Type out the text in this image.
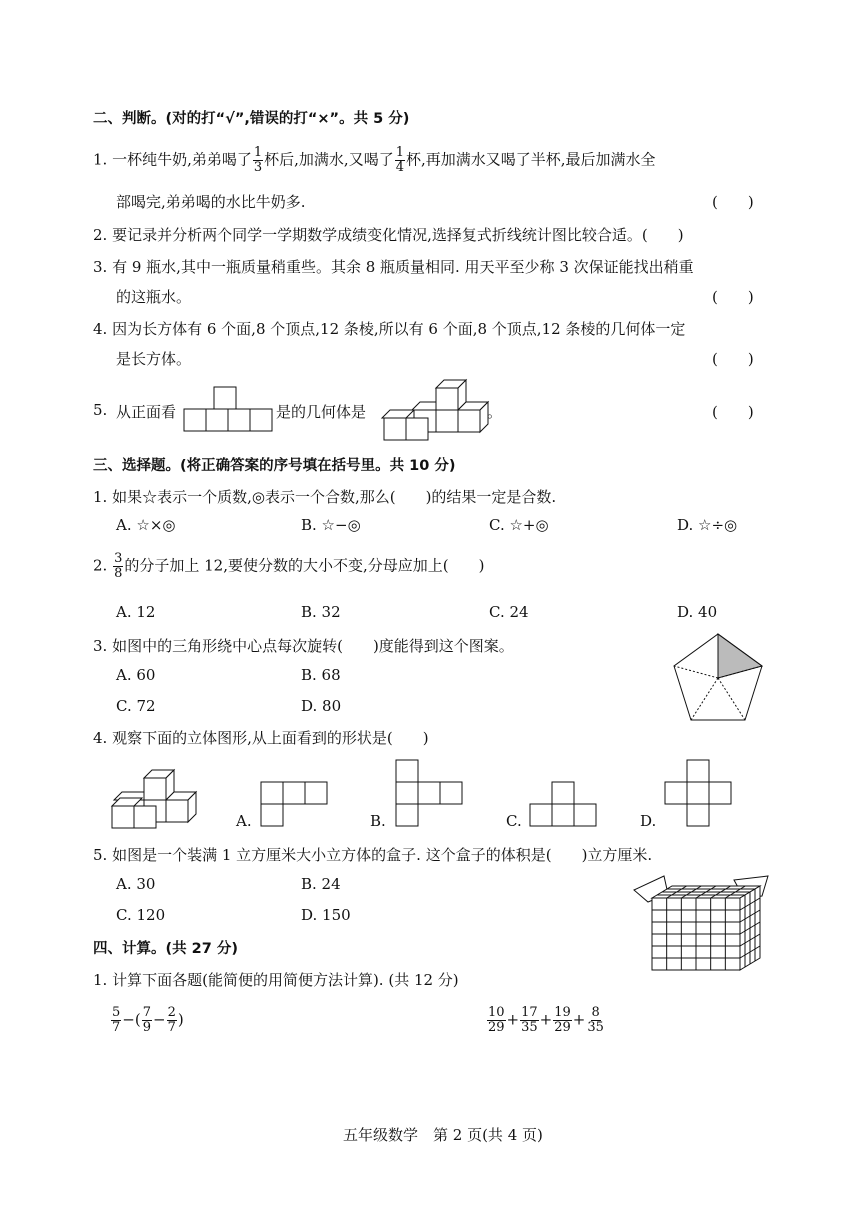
二、判断。(对的打“√”,错误的打“×”。共 5 分)
1. 一杯纯牛奶,弟弟喝了 $\frac{1}{3}$ 杯后,加满水,又喝了 $\frac{1}{4}$ 杯,再加满水又喝了半杯,最后加满水全
部喝完,弟弟喝的水比牛奶多.	(　　)
2. 要记录并分析两个同学一学期数学成绩变化情况,选择复式折线统计图比较合适。(　　)
3. 有 9 瓶水,其中一瓶质量稍重些。其余 8 瓶质量相同. 用天平至少称 3 次保证能找出稍重
的这瓶水。	(　　)
4. 因为长方体有 6 个面,8 个顶点,12 条棱,所以有 6 个面,8 个顶点,12 条棱的几何体一定
是长方体。	(　　)
5. 从正面看	是的几何体是	。	(　　)
三、选择题。(将正确答案的序号填在括号里。共 10 分)
1. 如果☆表示一个质数,◎表示一个合数,那么(　　)的结果一定是合数.
A. ☆×◎	B. ☆−◎	C. ☆+◎	D. ☆÷◎
2. $\frac{3}{8}$ 的分子加上 12,要使分数的大小不变,分母应加上(　　)
A. 12	B. 32	C. 24	D. 40
3. 如图中的三角形绕中心点每次旋转(　　)度能得到这个图案。
A. 60	B. 68
C. 72	D. 80
4. 观察下面的立体图形,从上面看到的形状是(　　)
A.	B.	C.	D.
5. 如图是一个装满 1 立方厘米大小立方体的盒子. 这个盒子的体积是(　　)立方厘米.
A. 30	B. 24
C. 120	D. 150
四、计算。(共 27 分)
1. 计算下面各题(能简便的用简便方法计算). (共 12 分)
$\frac{5}{7}$ −( $\frac{7}{9} - \frac{2}{7}$ )	$\frac{10}{29} + \frac{17}{35} + \frac{19}{29} + \frac{8}{35}$
五年级数学　第 2 页(共 4 页)
